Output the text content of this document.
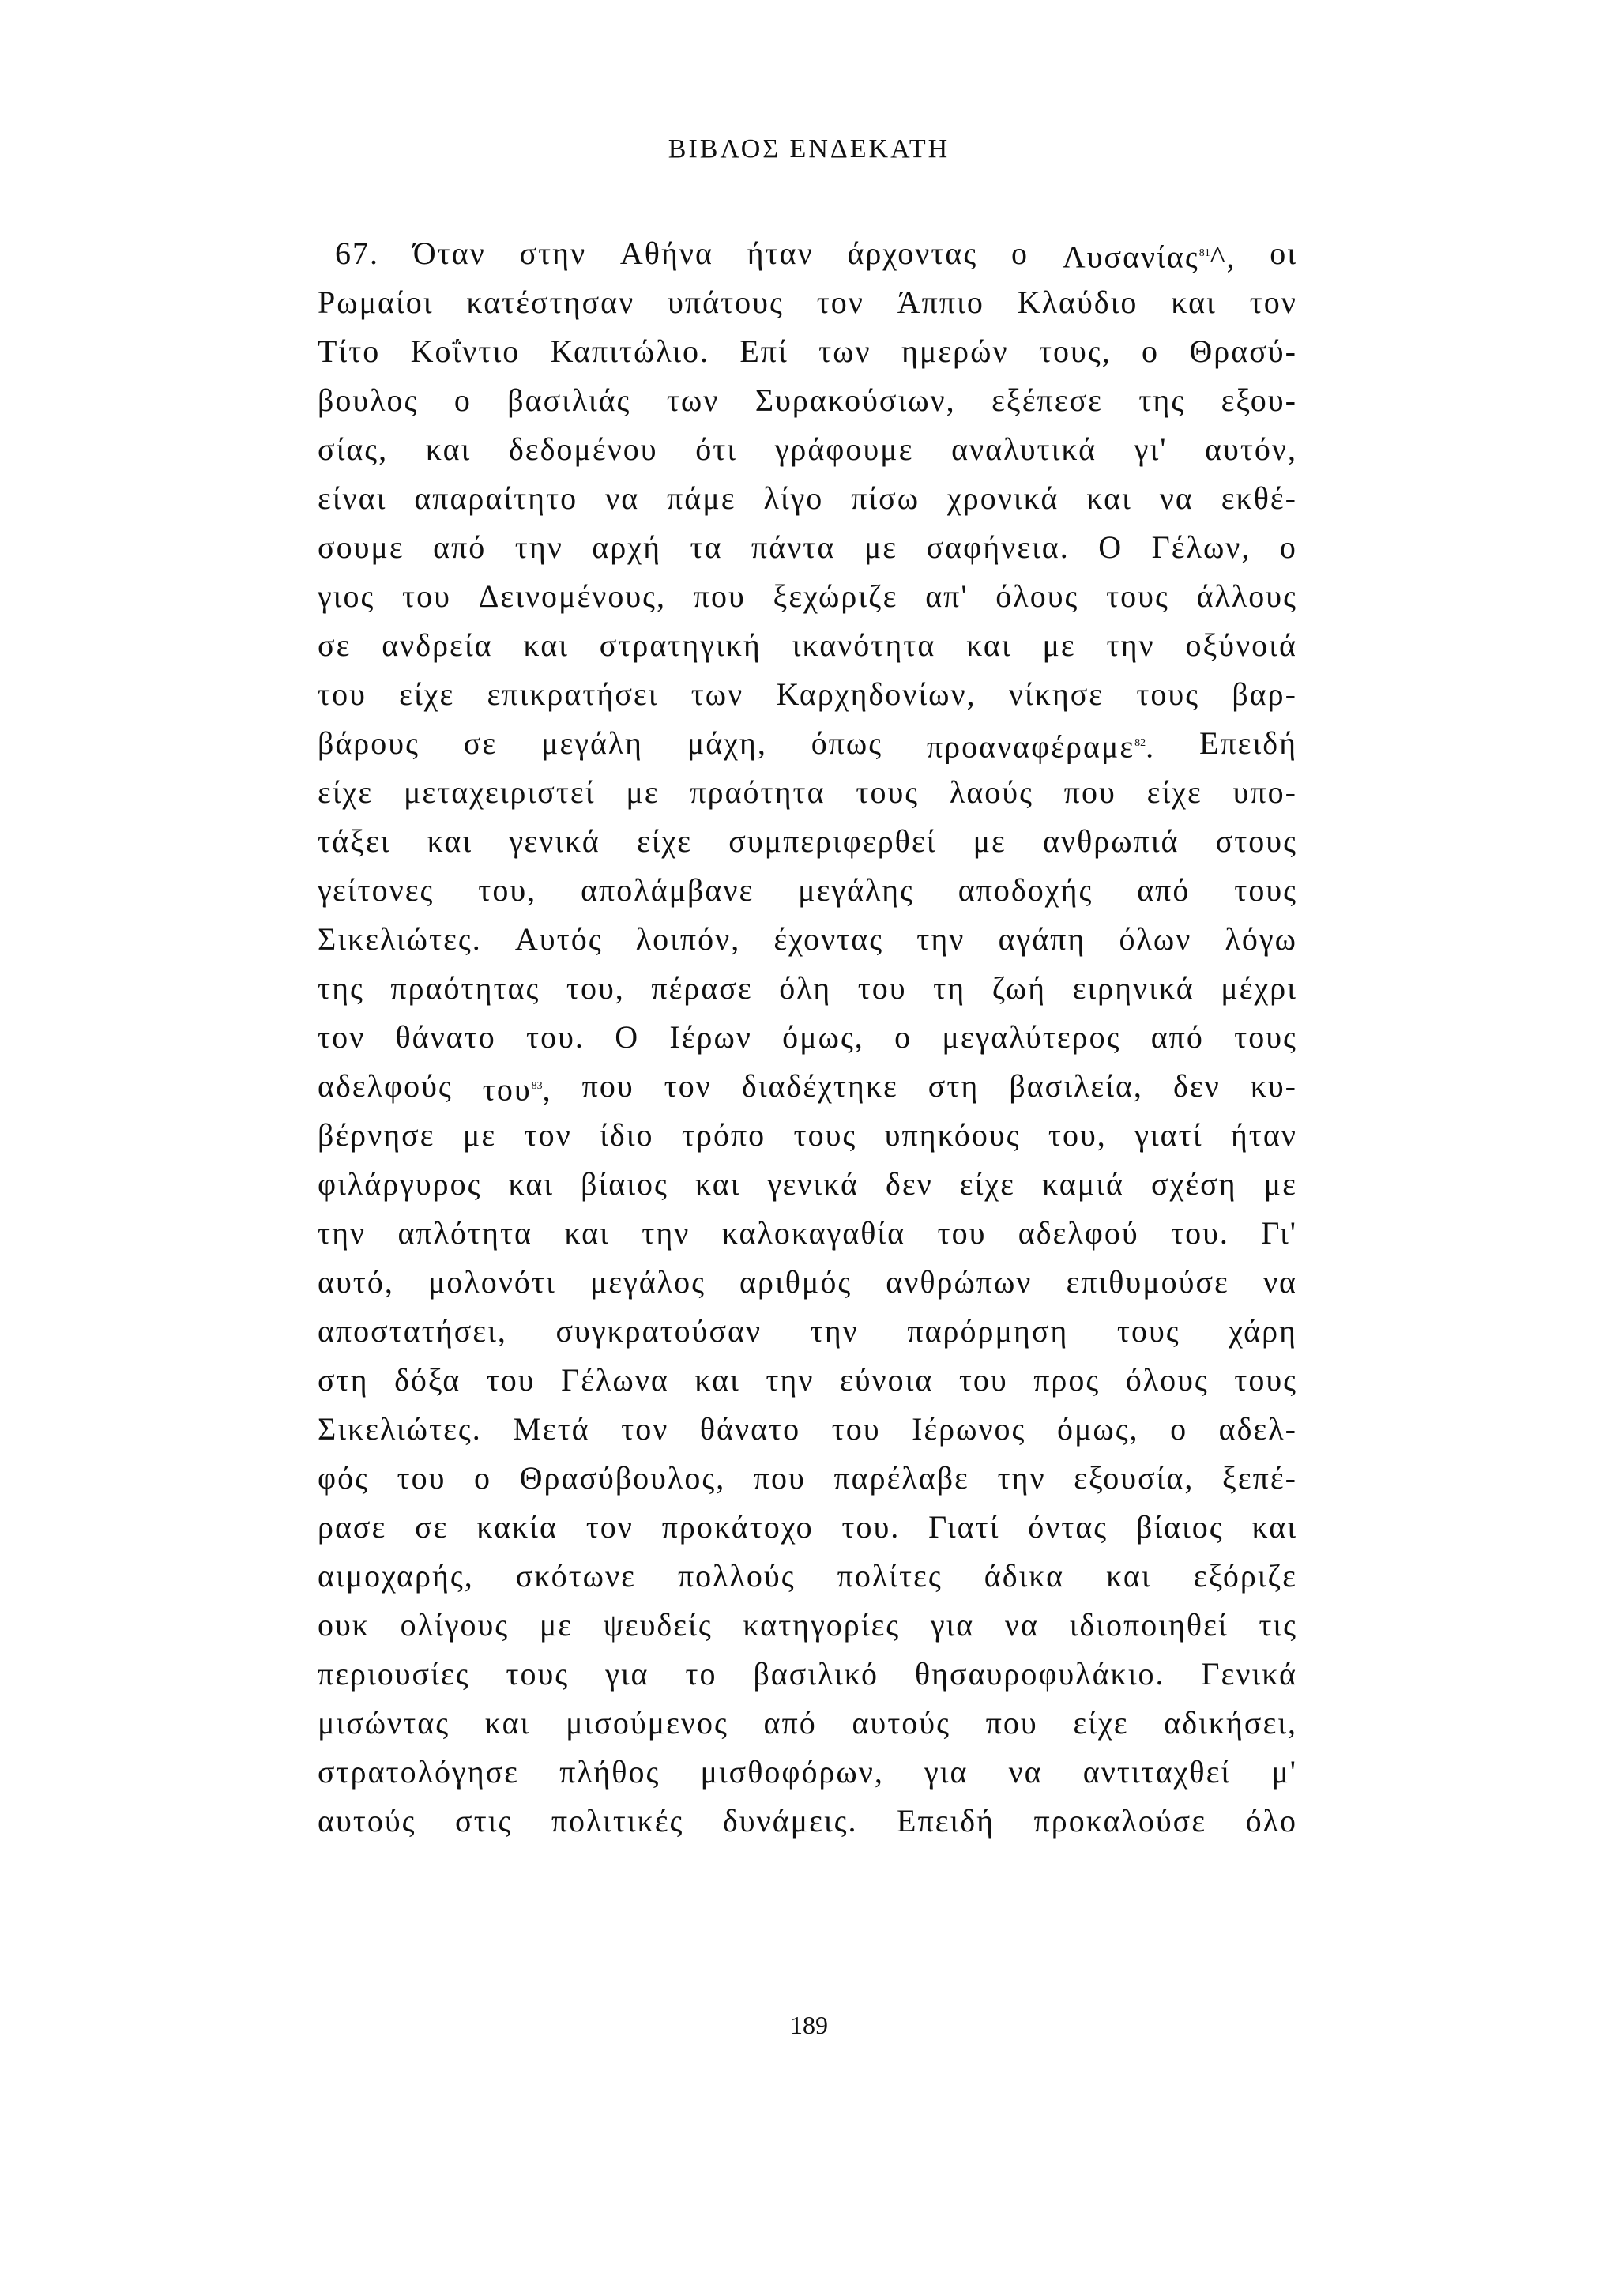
ΒΙΒΛΟΣ ΕΝΔΕΚΑΤΗ
67. Όταν στην Αθήνα ήταν άρχοντας ο Λυσανίας$^{81}$^, οι
Ρωμαίοι κατέστησαν υπάτους τον Άππιο Κλαύδιο και τον
Τίτο Κοΐντιο Καπιτώλιο. Επί των ημερών τους, ο Θρασύ-
βουλος ο βασιλιάς των Συρακούσιων, εξέπεσε της εξου-
σίας, και δεδομένου ότι γράφουμε αναλυτικά γι' αυτόν,
είναι απαραίτητο να πάμε λίγο πίσω χρονικά και να εκθέ-
σουμε από την αρχή τα πάντα με σαφήνεια. Ο Γέλων, ο
γιος του Δεινομένους, που ξεχώριζε απ' όλους τους άλλους
σε ανδρεία και στρατηγική ικανότητα και με την οξύνοιά
του είχε επικρατήσει των Καρχηδονίων, νίκησε τους βαρ-
βάρους σε μεγάλη μάχη, όπως προαναφέραμε$^{82}$. Επειδή
είχε μεταχειριστεί με πραότητα τους λαούς που είχε υπο-
τάξει και γενικά είχε συμπεριφερθεί με ανθρωπιά στους
γείτονες του, απολάμβανε μεγάλης αποδοχής από τους
Σικελιώτες. Αυτός λοιπόν, έχοντας την αγάπη όλων λόγω
της πραότητας του, πέρασε όλη του τη ζωή ειρηνικά μέχρι
τον θάνατο του. Ο Ιέρων όμως, ο μεγαλύτερος από τους
αδελφούς του$^{83}$, που τον διαδέχτηκε στη βασιλεία, δεν κυ-
βέρνησε με τον ίδιο τρόπο τους υπηκόους του, γιατί ήταν
φιλάργυρος και βίαιος και γενικά δεν είχε καμιά σχέση με
την απλότητα και την καλοκαγαθία του αδελφού του. Γι'
αυτό, μολονότι μεγάλος αριθμός ανθρώπων επιθυμούσε να
αποστατήσει, συγκρατούσαν την παρόρμηση τους χάρη
στη δόξα του Γέλωνα και την εύνοια του προς όλους τους
Σικελιώτες. Μετά τον θάνατο του Ιέρωνος όμως, ο αδελ-
φός του ο Θρασύβουλος, που παρέλαβε την εξουσία, ξεπέ-
ρασε σε κακία τον προκάτοχο του. Γιατί όντας βίαιος και
αιμοχαρής, σκότωνε πολλούς πολίτες άδικα και εξόριζε
ουκ ολίγους με ψευδείς κατηγορίες για να ιδιοποιηθεί τις
περιουσίες τους για το βασιλικό θησαυροφυλάκιο. Γενικά
μισώντας και μισούμενος από αυτούς που είχε αδικήσει,
στρατολόγησε πλήθος μισθοφόρων, για να αντιταχθεί μ'
αυτούς στις πολιτικές δυνάμεις. Επειδή προκαλούσε όλο
189
